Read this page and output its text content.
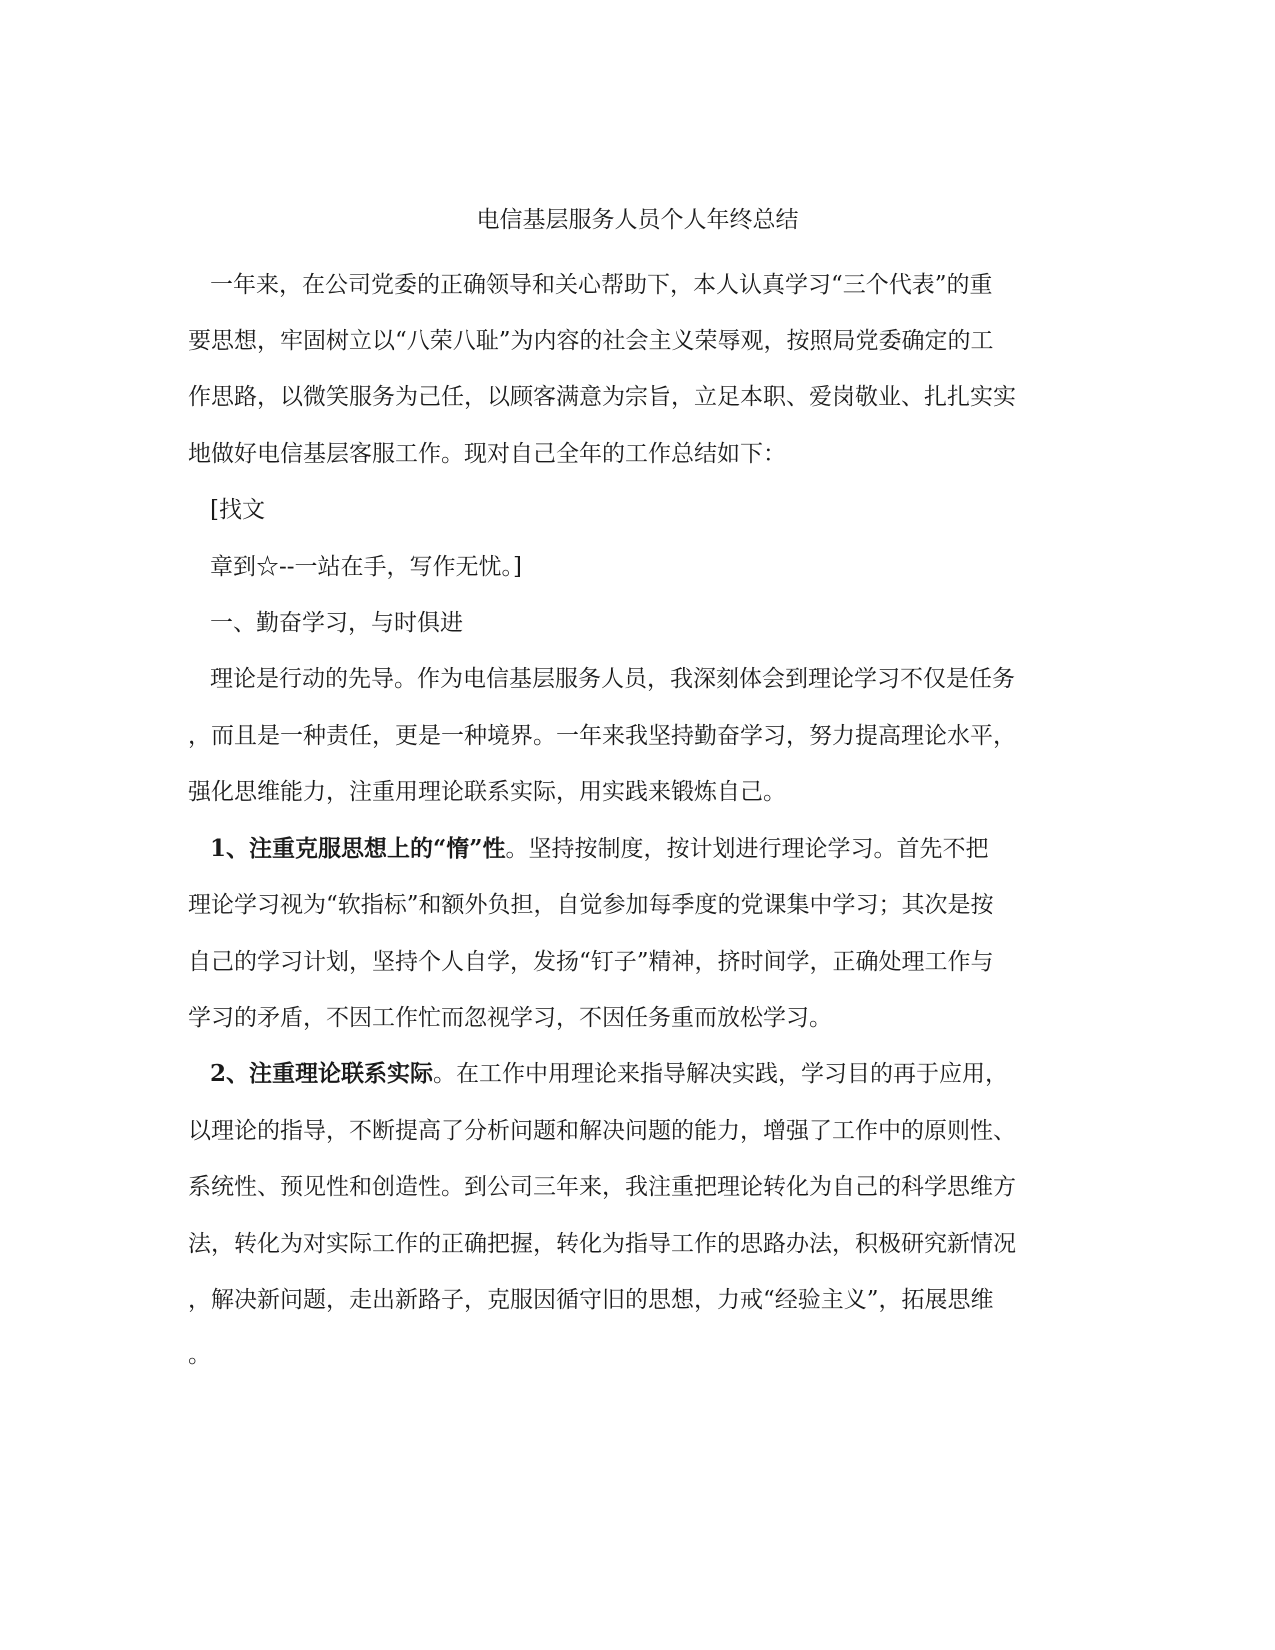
电信基层服务人员个人年终总结
一年来，在公司党委的正确领导和关心帮助下，本人认真学习“三个代表”的重
要思想，牢固树立以“八荣八耻”为内容的社会主义荣辱观，按照局党委确定的工
作思路，以微笑服务为己任，以顾客满意为宗旨，立足本职、爱岗敬业、扎扎实实
地做好电信基层客服工作。现对自己全年的工作总结如下：
[找文
章到☆--一站在手，写作无忧。]
一、勤奋学习，与时俱进
理论是行动的先导。作为电信基层服务人员，我深刻体会到理论学习不仅是任务
，而且是一种责任，更是一种境界。一年来我坚持勤奋学习，努力提高理论水平，
强化思维能力，注重用理论联系实际，用实践来锻炼自己。
1、注重克服思想上的“惰”性。坚持按制度，按计划进行理论学习。首先不把
理论学习视为“软指标”和额外负担，自觉参加每季度的党课集中学习；其次是按
自己的学习计划，坚持个人自学，发扬“钉子”精神，挤时间学，正确处理工作与
学习的矛盾，不因工作忙而忽视学习，不因任务重而放松学习。
2、注重理论联系实际。在工作中用理论来指导解决实践，学习目的再于应用，
以理论的指导，不断提高了分析问题和解决问题的能力，增强了工作中的原则性、
系统性、预见性和创造性。到公司三年来，我注重把理论转化为自己的科学思维方
法，转化为对实际工作的正确把握，转化为指导工作的思路办法，积极研究新情况
，解决新问题，走出新路子，克服因循守旧的思想，力戒“经验主义”，拓展思维
。
